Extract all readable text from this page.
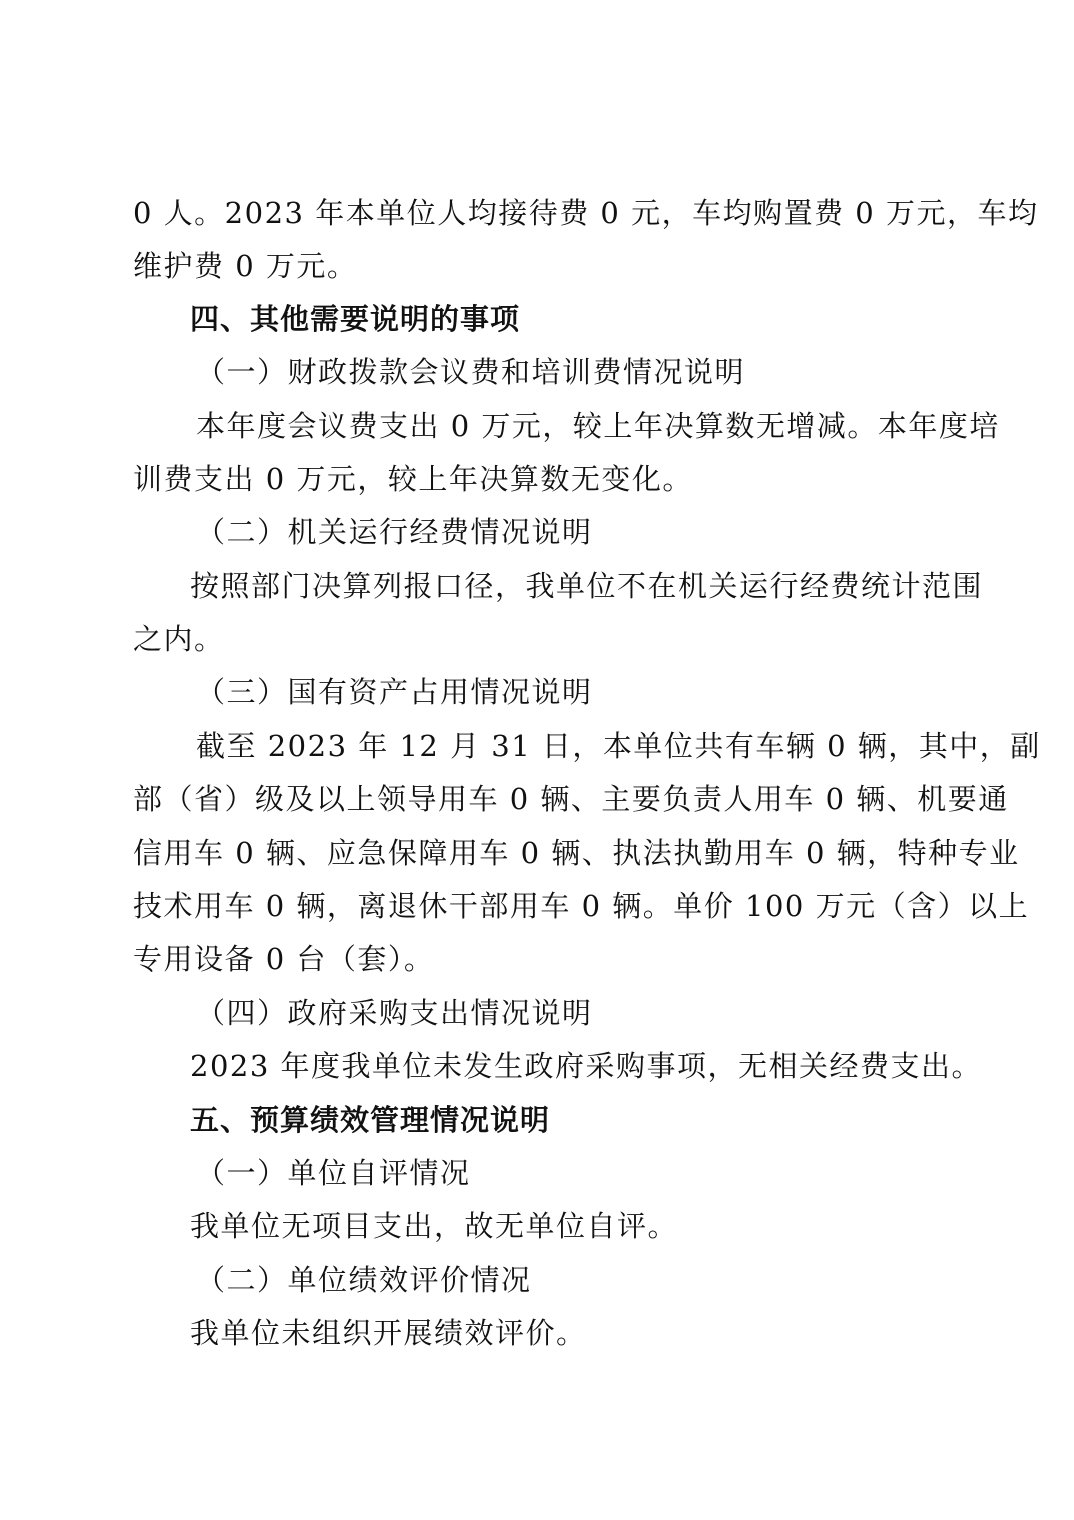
0 人。2023 年本单位人均接待费 0 元，车均购置费 0 万元，车均

维护费 0 万元。

四、其他需要说明的事项

（一）财政拨款会议费和培训费情况说明

本年度会议费支出 0 万元，较上年决算数无增减。本年度培

训费支出 0 万元，较上年决算数无变化。

（二）机关运行经费情况说明

按照部门决算列报口径，我单位不在机关运行经费统计范围

之内。

（三）国有资产占用情况说明

截至 2023 年 12 月 31 日，本单位共有车辆 0 辆，其中，副

部（省）级及以上领导用车 0 辆、主要负责人用车 0 辆、机要通

信用车 0 辆、应急保障用车 0 辆、执法执勤用车 0 辆，特种专业

技术用车 0 辆，离退休干部用车 0 辆。单价 100 万元（含）以上

专用设备 0 台（套）。

（四）政府采购支出情况说明

2023 年度我单位未发生政府采购事项，无相关经费支出。

五、预算绩效管理情况说明

（一）单位自评情况

我单位无项目支出，故无单位自评。

（二）单位绩效评价情况

我单位未组织开展绩效评价。
